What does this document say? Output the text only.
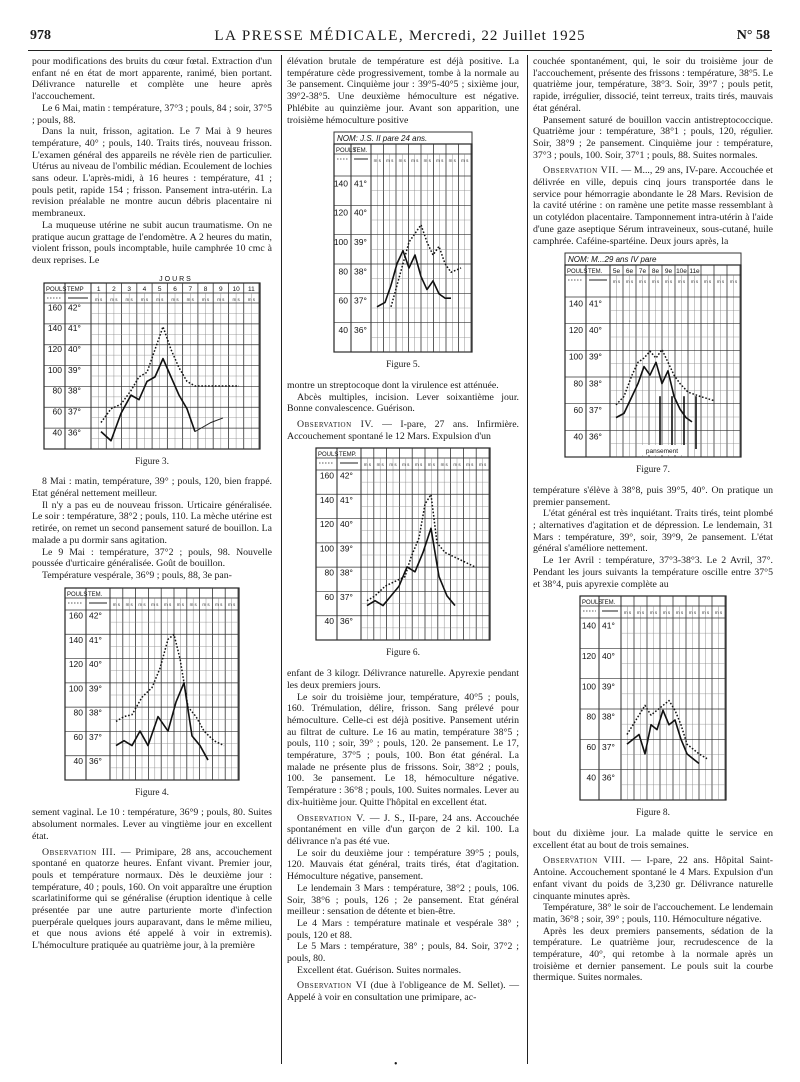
978	LA PRESSE MÉDICALE, Mercredi, 22 Juillet 1925	N° 58

pour modifications des bruits du cœur fœtal. Extraction d'un enfant né en état de mort apparente, ranimé, bien portant. Délivrance naturelle et complète une heure après l'accouchement.

Le 6 Mai, matin : température, 37°3 ; pouls, 84 ; soir, 37°5 ; pouls, 88.

Dans la nuit, frisson, agitation. Le 7 Mai à 9 heures température, 40° ; pouls, 140. Traits tirés, nouveau frisson. L'examen général des appareils ne révèle rien de particulier. Utérus au niveau de l'ombilic médian. Ecoulement de lochies sans odeur. L'après-midi, à 16 heures : température, 41 ; pouls petit, rapide 154 ; frisson. Pansement intra-utérin. La revision préalable ne montre aucun débris placentaire ni membraneux.

La muqueuse utérine ne subit aucun traumatisme. On ne pratique aucun grattage de l'endomètre. A 2 heures du matin, violent frisson, pouls incomptable, huile camphrée 10 cmc à deux reprises. Le

JOURS
POULS TEMP 1
m s
2
m s
3
m s
4
m s
5
m s
6
m s
7
m s
8
m s
9
m s
10
m s
11
m s
160 42°
140 41°
120 40°
100 39°
80 38°
60 37°
40 36°

Figure 3.

8 Mai : matin, température, 39° ; pouls, 120, bien frappé. Etat général nettement meilleur.

Il n'y a pas eu de nouveau frisson. Urticaire généralisée. Le soir : température, 38°2 ; pouls, 110. La mèche utérine est retirée, on remet un second pansement saturé de bouillon. La malade a pu dormir sans agitation.

Le 9 Mai : température, 37°2 ; pouls, 98. Nouvelle poussée d'urticaire généralisée. Goût de bouillon.

Température vespérale, 36°9 ; pouls, 88, 3e pan-

POULS TEM.
m s m s m s m s m s m s m s m s m s m s
160 42°
140 41°
120 40°
100 39°
80 38°
60 37°
40 36°

Figure 4.

sement vaginal. Le 10 : température, 36°9 ; pouls, 80. Suites absolument normales. Lever au vingtième jour en excellent état.

Observation III. — Primipare, 28 ans, accouchement spontané en quatorze heures. Enfant vivant. Premier jour, pouls et température normaux. Dès le deuxième jour : température, 40 ; pouls, 160. On voit apparaître une éruption scarlatiniforme qui se généralise (éruption identique à celle présentée par une autre parturiente morte d'infection puerpérale quelques jours auparavant, dans le même milieu, et que nous avions été appelé à voir in extremis). L'hémoculture pratiquée au quatrième jour, à la première

élévation brutale de température est déjà positive. La température cède progressivement, tombe à la normale au 3e pansement. Cinquième jour : 39°5-40°5 ; sixième jour, 39°2-38°5. Une deuxième hémoculture est négative. Phlébite au quinzième jour. Avant son apparition, une troisième hémoculture positive

NOM: J.S. II pare 24 ans.
POULS
TEM.
m s m s m s m s m s m s m s m s
140 41°
120 40°
100 39°
80 38°
60 37°
40 36°

Figure 5.

montre un streptocoque dont la virulence est atténuée.

Abcès multiples, incision. Lever soixantième jour. Bonne convalescence. Guérison.

Observation IV. — I-pare, 27 ans. Infirmière. Accouchement spontané le 12 Mars. Expulsion d'un

POULS TEMP.
m s m s m s m s m s m s m s m s m s m s
160 42°
140 41°
120 40°
100 39°
80 38°
60 37°
40 36°

Figure 6.

enfant de 3 kilogr. Délivrance naturelle. Apyrexie pendant les deux premiers jours.

Le soir du troisième jour, température, 40°5 ; pouls, 160. Trémulation, délire, frisson. Sang prélevé pour hémoculture. Celle-ci est déjà positive. Pansement utérin au filtrat de culture. Le 16 au matin, température 38°5 ; pouls, 110 ; soir, 39° ; pouls, 120. 2e pansement. Le 17, température, 37°5 ; pouls, 100. Bon état général. La malade ne présente plus de frissons. Soir, 38°2 ; pouls, 100. 3e pansement. Le 18, hémoculture négative. Température : 36°8 ; pouls, 100. Suites normales. Lever au dix-huitième jour. Quitte l'hôpital en excellent état.

Observation V. — J. S., II-pare, 24 ans. Accouchée spontanément en ville d'un garçon de 2 kil. 100. La délivrance n'a pas été vue.

Le soir du deuxième jour : température 39°5 ; pouls, 120. Mauvais état général, traits tirés, état d'agitation. Hémoculture négative, pansement.

Le lendemain 3 Mars : température, 38°2 ; pouls, 106. Soir, 38°6 ; pouls, 126 ; 2e pansement. Etat général meilleur : sensation de détente et bien-être.

Le 4 Mars : température matinale et vespérale 38° ; pouls, 120 et 88.

Le 5 Mars : température, 38° ; pouls, 84. Soir, 37°2 ; pouls, 80.

Excellent état. Guérison. Suites normales.

Observation VI (due à l'obligeance de M. Sellet). — Appelé à voir en consultation une primipare, ac-

couchée spontanément, qui, le soir du troisième jour de l'accouchement, présente des frissons : température, 38°5. Le quatrième jour, température, 38°3. Soir, 39°7 ; pouls petit, rapide, irrégulier, dissocié, teint terreux, traits tirés, mauvais état général.

Pansement saturé de bouillon vaccin antistreptococcique. Quatrième jour : température, 38°1 ; pouls, 120, régulier. Soir, 38°9 ; 2e pansement. Cinquième jour : température, 37°3 ; pouls, 100. Soir, 37°1 ; pouls, 88. Suites normales.

Observation VII. — M..., 29 ans, IV-pare. Accouchée et délivrée en ville, depuis cinq jours transportée dans le service pour hémorragie abondante le 28 Mars. Revision de la cavité utérine : on ramène une petite masse ressemblant à un cotylédon placentaire. Tamponnement intra-utérin à l'aide d'une gaze aseptique Sérum intraveineux, sous-cutané, huile camphrée. Caféine-spartéine. Deux jours après, la

NOM: M...29 ans IV pare
POULS TEM. 5e
m s
6e
m s
7e
m s
8e
m s
9e
m s
10e
m s
11e
m s m s m s m s
140 41°
120 40°
100 39°
80 38°
60 37°
40 36°
pansement

Figure 7.

température s'élève à 38°8, puis 39°5, 40°. On pratique un premier pansement.

L'état général est très inquiétant. Traits tirés, teint plombé ; alternatives d'agitation et de dépression. Le lendemain, 31 Mars : température, 39°, soir, 39°9, 2e pansement. L'état général s'améliore nettement.

Le 1er Avril : température, 37°3-38°3. Le 2 Avril, 37°. Pendant les jours suivants la température oscille entre 37°5 et 38°4, puis apyrexie complète au

POULS
TEM.
m s m s m s m s m s m s m s m s
140 41°
120 40°
100 39°
80 38°
60 37°
40 36°

Figure 8.

bout du dixième jour. La malade quitte le service en excellent état au bout de trois semaines.

Observation VIII. — I-pare, 22 ans. Hôpital Saint-Antoine. Accouchement spontané le 4 Mars. Expulsion d'un enfant vivant du poids de 3,230 gr. Délivrance naturelle cinquante minutes après.

Température, 38° le soir de l'accouchement. Le lendemain matin, 36°8 ; soir, 39° ; pouls, 110. Hémoculture négative.

Après les deux premiers pansements, sédation de la température. Le quatrième jour, recrudescence de la température, 40°, qui retombe à la normale après un troisième et dernier pansement. Le pouls suit la courbe thermique. Suites normales.

•
